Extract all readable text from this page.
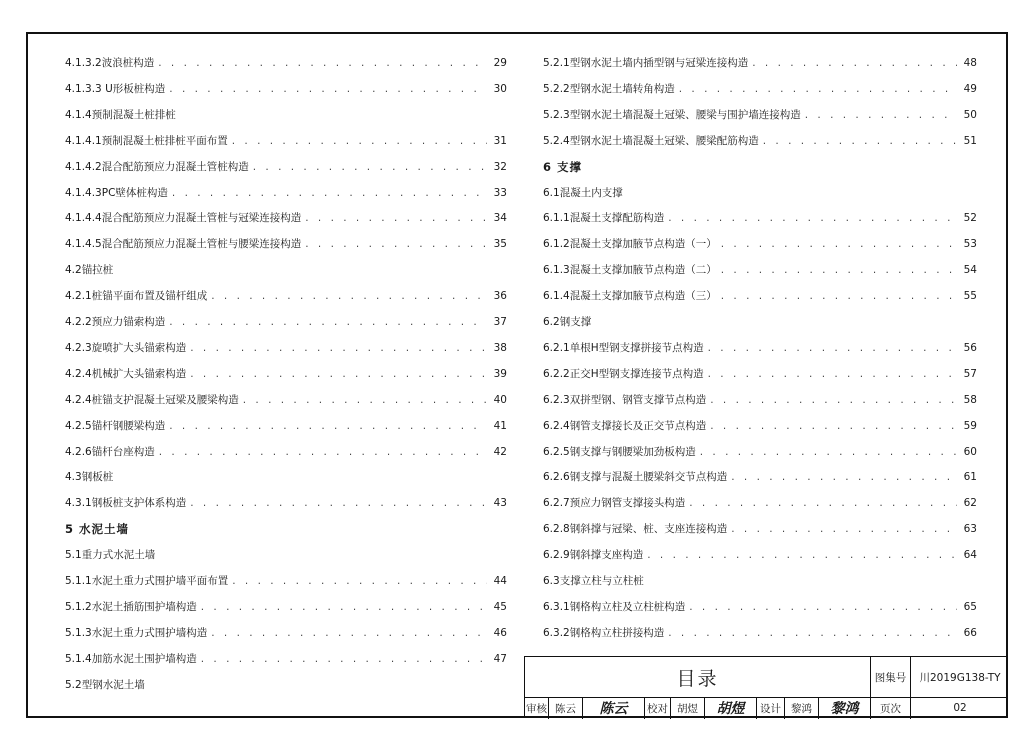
4.1.3.2波浪桩构造 . . .	29
4.1.3.3 U形板桩构造 . . .	30
4.1.4预制混凝土桩排桩
4.1.4.1预制混凝土桩排桩平面布置 . . .	31
4.1.4.2混合配筋预应力混凝土管桩构造 . . .	32
4.1.4.3PC壁体桩构造 . . .	33
4.1.4.4混合配筋预应力混凝土管桩与冠梁连接构造 . . .	34
4.1.4.5混合配筋预应力混凝土管桩与腰梁连接构造 . . .	35
4.2锚拉桩
4.2.1桩锚平面布置及锚杆组成 . . .	36
4.2.2预应力锚索构造 . . .	37
4.2.3旋喷扩大头锚索构造 . . .	38
4.2.4机械扩大头锚索构造 . . .	39
4.2.4桩锚支护混凝土冠梁及腰梁构造 . . .	40
4.2.5锚杆钢腰梁构造 . . .	41
4.2.6锚杆台座构造 . . .	42
4.3钢板桩
4.3.1钢板桩支护体系构造 . . .	43
5 水泥土墙
5.1重力式水泥土墙
5.1.1水泥土重力式围护墙平面布置 . . .	44
5.1.2水泥土插筋围护墙构造 . . .	45
5.1.3水泥土重力式围护墙构造 . . .	46
5.1.4加筋水泥土围护墙构造 . . .	47
5.2型钢水泥土墙
5.2.1型钢水泥土墙内插型钢与冠梁连接构造 . . .	48
5.2.2型钢水泥土墙转角构造 . . .	49
5.2.3型钢水泥土墙混凝土冠梁、腰梁与围护墙连接构造 . . .	50
5.2.4型钢水泥土墙混凝土冠梁、腰梁配筋构造 . . .	51
6 支撑
6.1混凝土内支撑
6.1.1混凝土支撑配筋构造 . . .	52
6.1.2混凝土支撑加腋节点构造（一） . . .	53
6.1.3混凝土支撑加腋节点构造（二） . . .	54
6.1.4混凝土支撑加腋节点构造（三） . . .	55
6.2钢支撑
6.2.1单根H型钢支撑拼接节点构造 . . .	56
6.2.2正交H型钢支撑连接节点构造 . . .	57
6.2.3双拼型钢、钢管支撑节点构造 . . .	58
6.2.4钢管支撑接长及正交节点构造 . . .	59
6.2.5钢支撑与钢腰梁加劲板构造 . . .	60
6.2.6钢支撑与混凝土腰梁斜交节点构造 . . .	61
6.2.7预应力钢管支撑接头构造 . . .	62
6.2.8钢斜撑与冠梁、桩、支座连接构造 . . .	63
6.2.9钢斜撑支座构造 . . .	64
6.3支撑立柱与立柱桩
6.3.1钢格构立柱及立柱桩构造 . . .	65
6.3.2钢格构立柱拼接构造 . . .	66
目录	图集号	川2019G138-TY
审核 陈云	陈云	校对 胡煜	胡煜	设计 黎鸿	黎鸿	页次	02
